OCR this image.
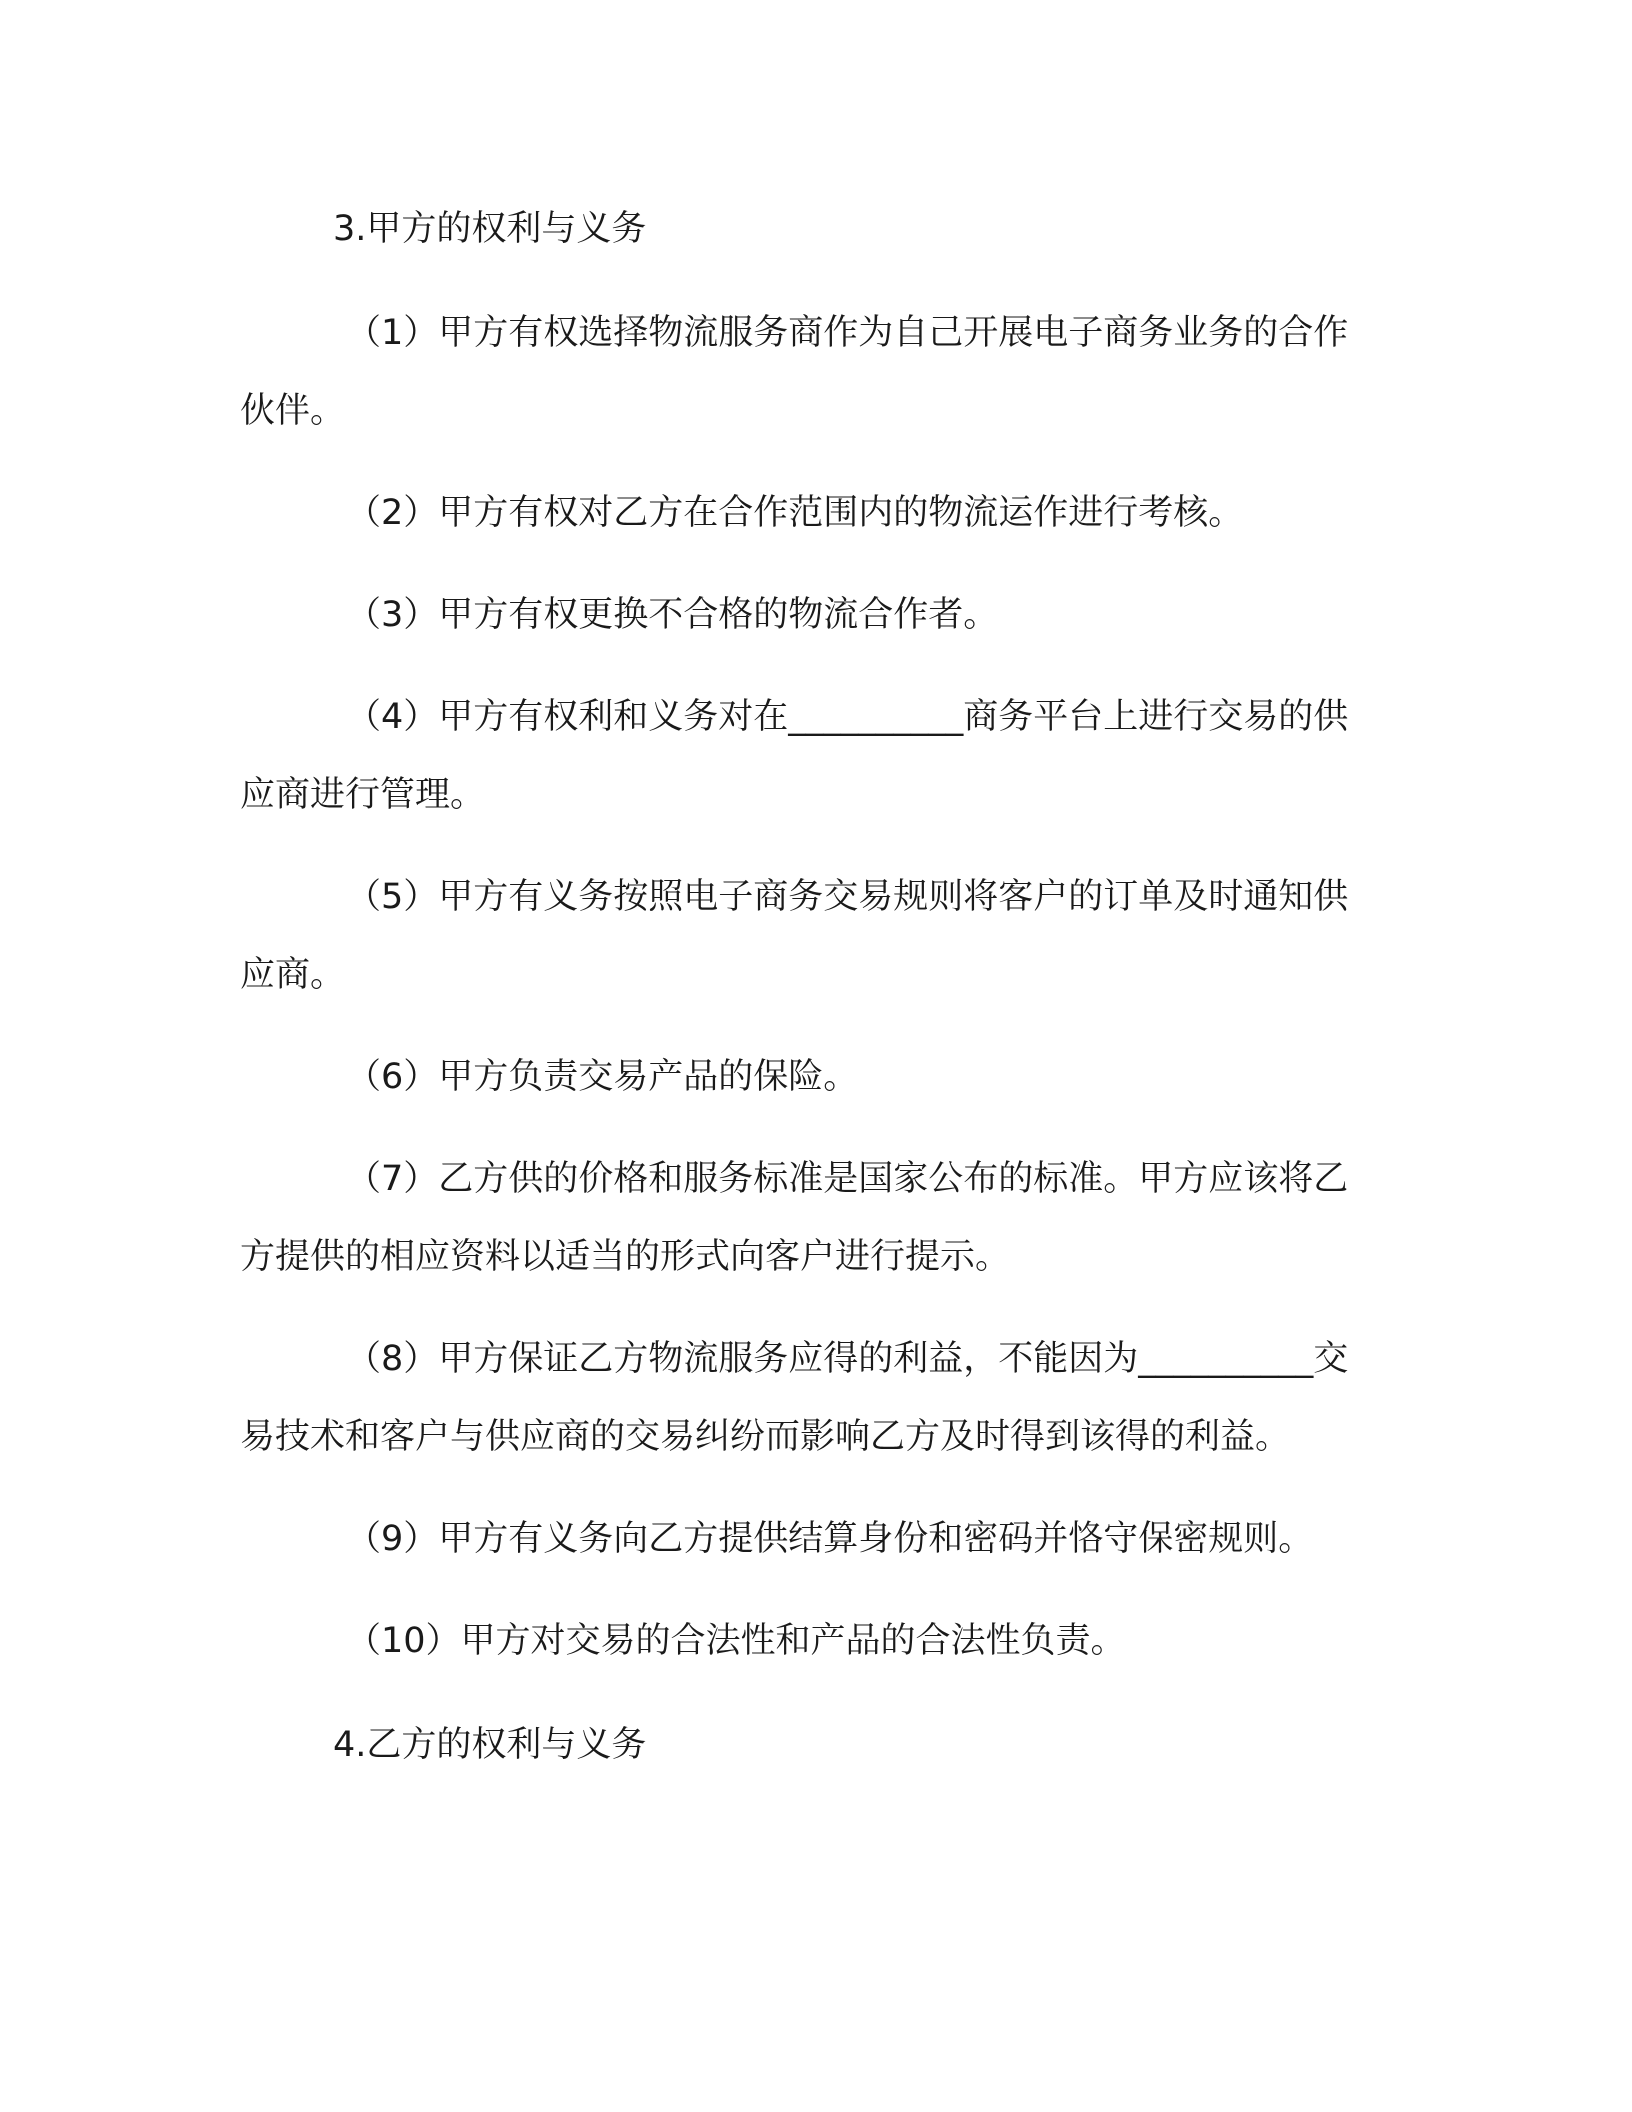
3.甲方的权利与义务

（1）甲方有权选择物流服务商作为自己开展电子商务业务的合作伙伴。

（2）甲方有权对乙方在合作范围内的物流运作进行考核。

（3）甲方有权更换不合格的物流合作者。

（4）甲方有权利和义务对在__________商务平台上进行交易的供应商进行管理。

（5）甲方有义务按照电子商务交易规则将客户的订单及时通知供应商。

（6）甲方负责交易产品的保险。

（7）乙方供的价格和服务标准是国家公布的标准。甲方应该将乙方提供的相应资料以适当的形式向客户进行提示。

（8）甲方保证乙方物流服务应得的利益，不能因为__________交易技术和客户与供应商的交易纠纷而影响乙方及时得到该得的利益。

（9）甲方有义务向乙方提供结算身份和密码并恪守保密规则。

（10）甲方对交易的合法性和产品的合法性负责。

4.乙方的权利与义务
